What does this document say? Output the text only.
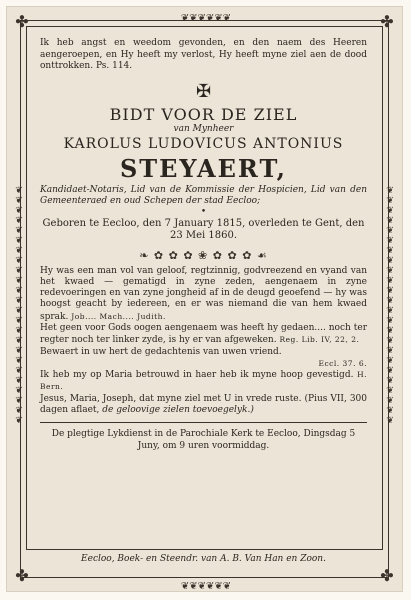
✤	✤
✤	✤
❦❦❦❦❦❦
❦❦❦❦❦❦
❦
❦
❦
❦
❦
❦
❦
❦
❦
❦
❦
❦
❦
❦
❦
❦
❦
❦
❦
❦
❦
❦
❦
❦
❦
❦
❦
❦
❦
❦
❦
❦
❦
❦
❦
❦
❦
❦
❦
❦
❦
❦
❦
❦
❦
❦
❦
❦

Ik heb angst en weedom gevonden, en den naem des Heeren aengeroepen, en Hy heeft my verlost, Hy heeft myne ziel aen de dood onttrokken. Ps. 114.

✠
BIDT VOOR DE ZIEL
van Mynheer
KAROLUS LUDOVICUS ANTONIUS
STEYAERT,

Kandidaet-Notaris, Lid van de Kommissie der Hospicien, Lid van den Gemeenteraed en oud Schepen der stad Eecloo;

•

Geboren te Eecloo, den 7 January 1815, overleden te Gent, den 23 Mei 1860.

❧ ✿ ✿ ✿ ❀ ✿ ✿ ✿ ☙

Hy was een man vol van geloof, regtzinnig, godvreezend en vyand van het kwaed — gematigd in zyne zeden, aengenaem in zyne redevoeringen en van zyne jongheid af in de deugd geoefend — hy was hoogst geacht by iedereen, en er was niemand die van hem kwaed sprak. Job.... Mach.... Judith.

Het geen voor Gods oogen aengenaem was heeft hy gedaen.... noch ter regter noch ter linker zyde, is hy er van afgeweken. Reg. Lib. IV, 22, 2.

Bewaert in uw hert de gedachtenis van uwen vriend.

Eccl. 37. 6.

Ik heb my op Maria betrouwd in haer heb ik myne hoop gevestigd. H. Bern.

Jesus, Maria, Joseph, dat myne ziel met U in vrede ruste. (Pius VII, 300 dagen aflaet, de geloovige zielen toevoegelyk.)

De plegtige Lykdienst in de Parochiale Kerk te Eecloo, Dingsdag 5 Juny, om 9 uren voormiddag.

Eecloo, Boek- en Steendr. van A. B. Van Han en Zoon.
